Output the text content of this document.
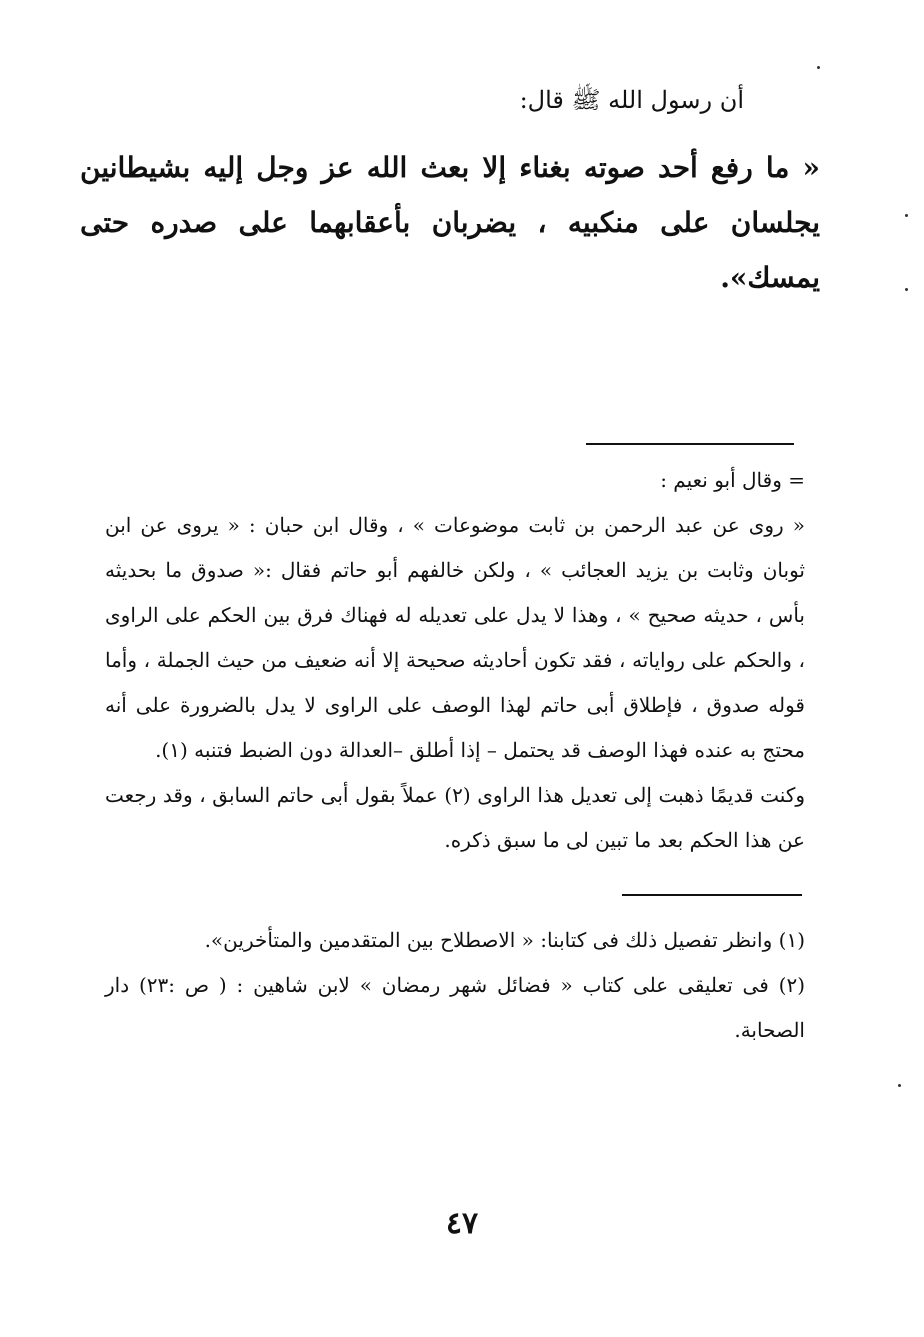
أن رسول الله ﷺ قال:
« ما رفع أحد صوته بغناء إلا بعث الله عز وجل إليه بشيطانين يجلسان على منكبيه ، يضربان بأعقابهما على صدره حتى يمسك».

= وقال أبو نعيم :

« روى عن عبد الرحمن بن ثابت موضوعات » ، وقال ابن حبان : « يروى عن ابن ثوبان وثابت بن يزيد العجائب » ، ولكن خالفهم أبو حاتم فقال :« صدوق ما بحديثه بأس ، حديثه صحيح » ، وهذا لا يدل على تعديله له فهناك فرق بين الحكم على الراوى ، والحكم على رواياته ، فقد تكون أحاديثه صحيحة إلا أنه ضعيف من حيث الجملة ، وأما قوله صدوق ، فإطلاق أبى حاتم لهذا الوصف على الراوى لا يدل بالضرورة على أنه محتج به عنده فهذا الوصف قد يحتمل – إذا أطلق –العدالة دون الضبط فتنبه (١).

وكنت قديمًا ذهبت إلى تعديل هذا الراوى (٢) عملاً بقول أبى حاتم السابق ، وقد رجعت عن هذا الحكم بعد ما تبين لى ما سبق ذكره.

(١) وانظر تفصيل ذلك فى كتابنا: « الاصطلاح بين المتقدمين والمتأخرين».

(٢) فى تعليقى على كتاب « فضائل شهر رمضان » لابن شاهين : ( ص :٢٣) دار الصحابة.

٤٧
